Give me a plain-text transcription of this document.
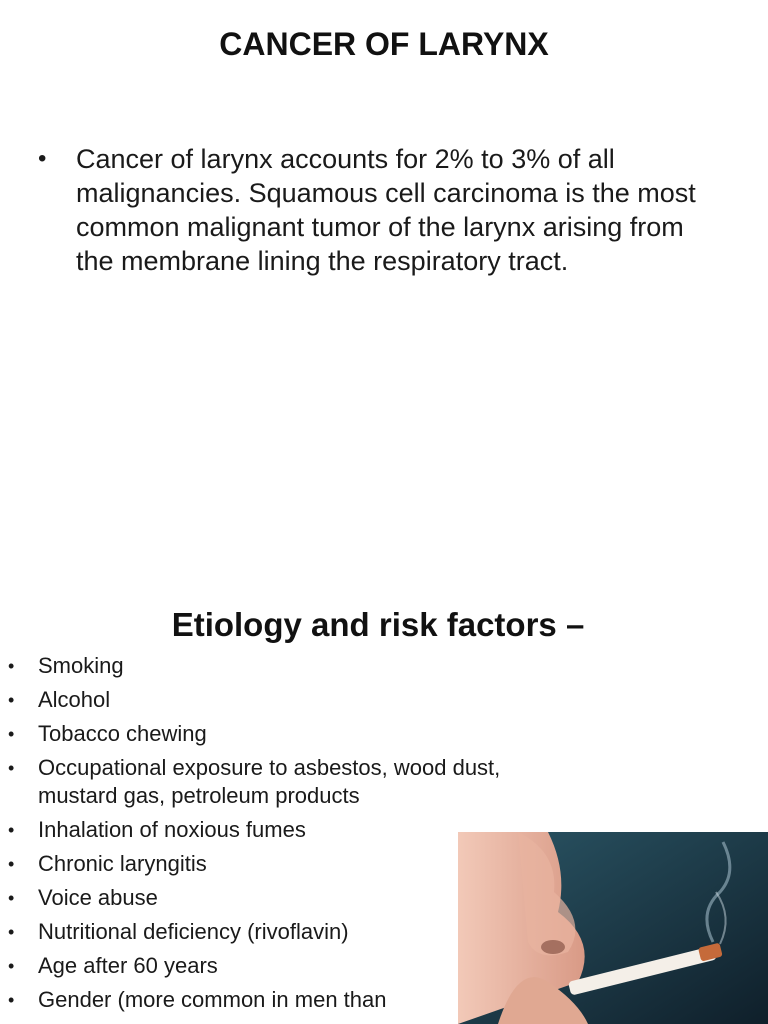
CANCER OF LARYNX
•	Cancer of larynx accounts for 2% to 3% of all malignancies. Squamous cell carcinoma is the most common malignant tumor of the larynx arising from the membrane lining the respiratory tract.
Etiology and risk factors –
•	Smoking
•	Alcohol
•	Tobacco chewing
•	Occupational exposure to asbestos, wood dust, mustard gas, petroleum products
•	Inhalation of noxious fumes
•	Chronic laryngitis
•	Voice abuse
•	Nutritional deficiency (rivoflavin)
•	Age after 60 years
•	Gender (more common in men than
